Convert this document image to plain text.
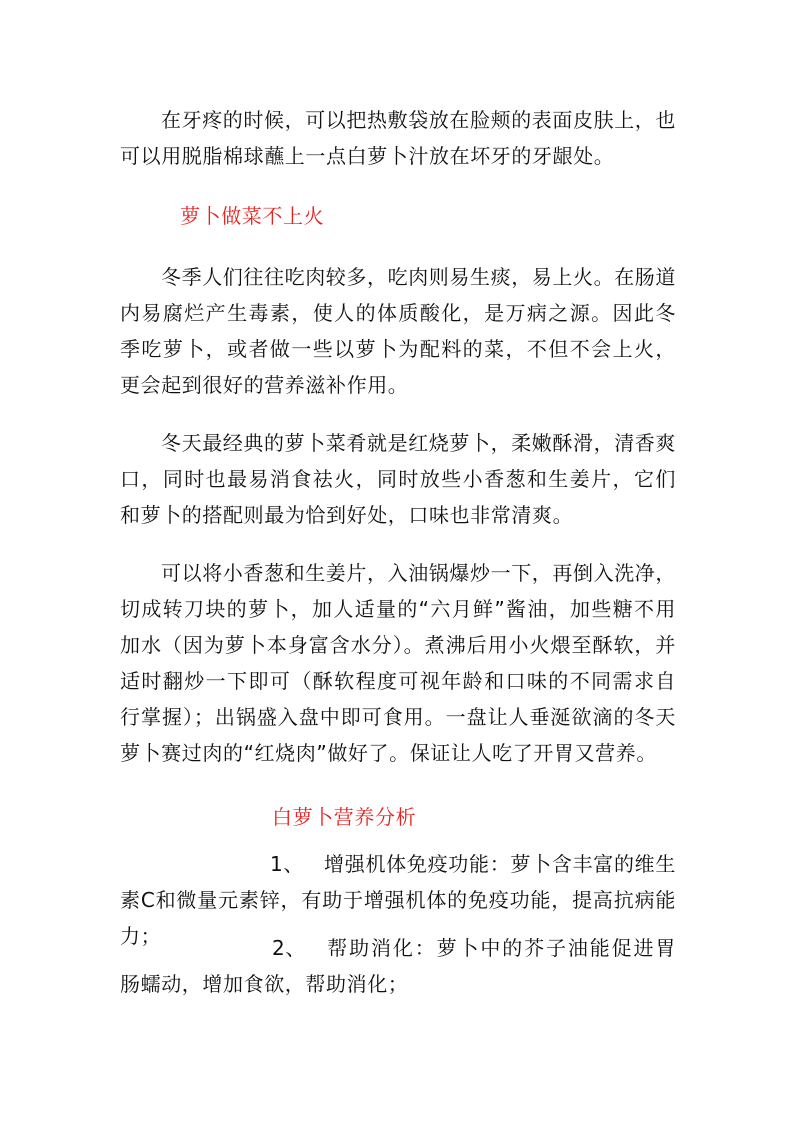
在牙疼的时候，可以把热敷袋放在脸颊的表面皮肤上，也可以用脱脂棉球蘸上一点白萝卜汁放在坏牙的牙龈处。

萝卜做菜不上火

冬季人们往往吃肉较多，吃肉则易生痰，易上火。在肠道内易腐烂产生毒素，使人的体质酸化，是万病之源。因此冬季吃萝卜，或者做一些以萝卜为配料的菜，不但不会上火，更会起到很好的营养滋补作用。

冬天最经典的萝卜菜肴就是红烧萝卜，柔嫩酥滑，清香爽口，同时也最易消食祛火，同时放些小香葱和生姜片，它们和萝卜的搭配则最为恰到好处，口味也非常清爽。

可以将小香葱和生姜片，入油锅爆炒一下，再倒入洗净，切成转刀块的萝卜，加人适量的“六月鲜”酱油，加些糖不用加水（因为萝卜本身富含水分）。煮沸后用小火煨至酥软，并适时翻炒一下即可（酥软程度可视年龄和口味的不同需求自行掌握）；出锅盛入盘中即可食用。一盘让人垂涎欲滴的冬天萝卜赛过肉的“红烧肉”做好了。保证让人吃了开胃又营养。

白萝卜营养分析

1、 增强机体免疫功能：萝卜含丰富的维生素C和微量元素锌，有助于增强机体的免疫功能，提高抗病能力；	2、 帮助消化：萝卜中的芥子油能促进胃肠蠕动，增加食欲，帮助消化；
